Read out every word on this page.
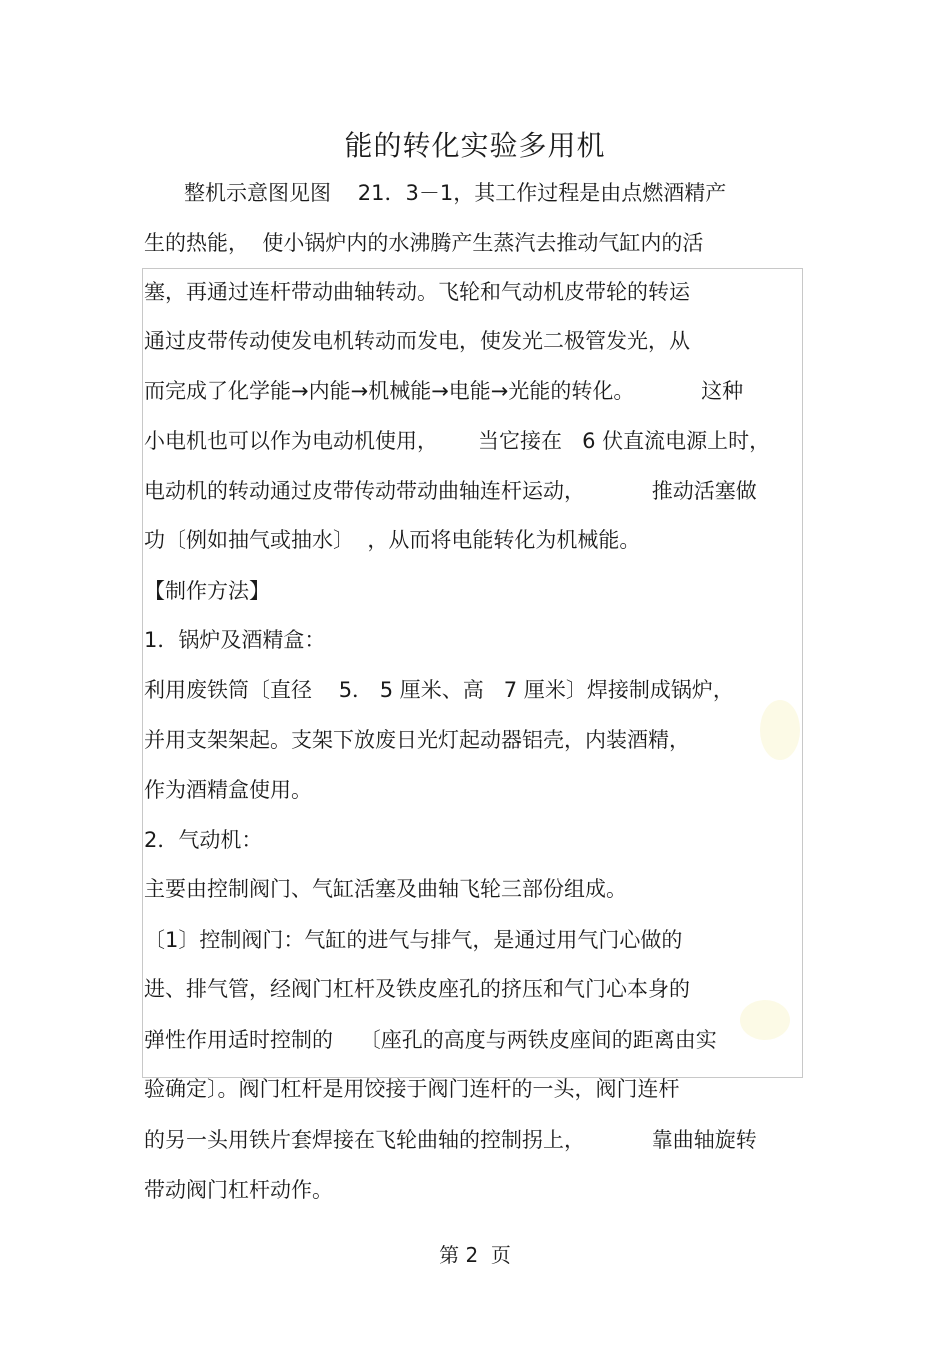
能的转化实验多用机
整机示意图见图    21．3－1，其工作过程是由点燃酒精产
生的热能，  使小锅炉内的水沸腾产生蒸汽去推动气缸内的活
塞，再通过连杆带动曲轴转动。飞轮和气动机皮带轮的转运
通过皮带传动使发电机转动而发电，使发光二极管发光，从
而完成了化学能→内能→机械能→电能→光能的转化。          这种
小电机也可以作为电动机使用，      当它接在   6 伏直流电源上时，
电动机的转动通过皮带传动带动曲轴连杆运动，          推动活塞做
功〔例如抽气或抽水〕  ，从而将电能转化为机械能。
【制作方法】
1．锅炉及酒精盒：
利用废铁筒〔直径    5． 5 厘米、高   7 厘米〕焊接制成锅炉，
并用支架架起。支架下放废日光灯起动器铝壳，内装酒精，
作为酒精盒使用。
2．气动机：
主要由控制阀门、气缸活塞及曲轴飞轮三部份组成。
〔1〕控制阀门：气缸的进气与排气，是通过用气门心做的
进、排气管，经阀门杠杆及铁皮座孔的挤压和气门心本身的
弹性作用适时控制的    〔座孔的高度与两铁皮座间的距离由实
验确定〕。阀门杠杆是用饺接于阀门连杆的一头，阀门连杆
的另一头用铁片套焊接在飞轮曲轴的控制拐上，          靠曲轴旋转
带动阀门杠杆动作。
第 2  页
